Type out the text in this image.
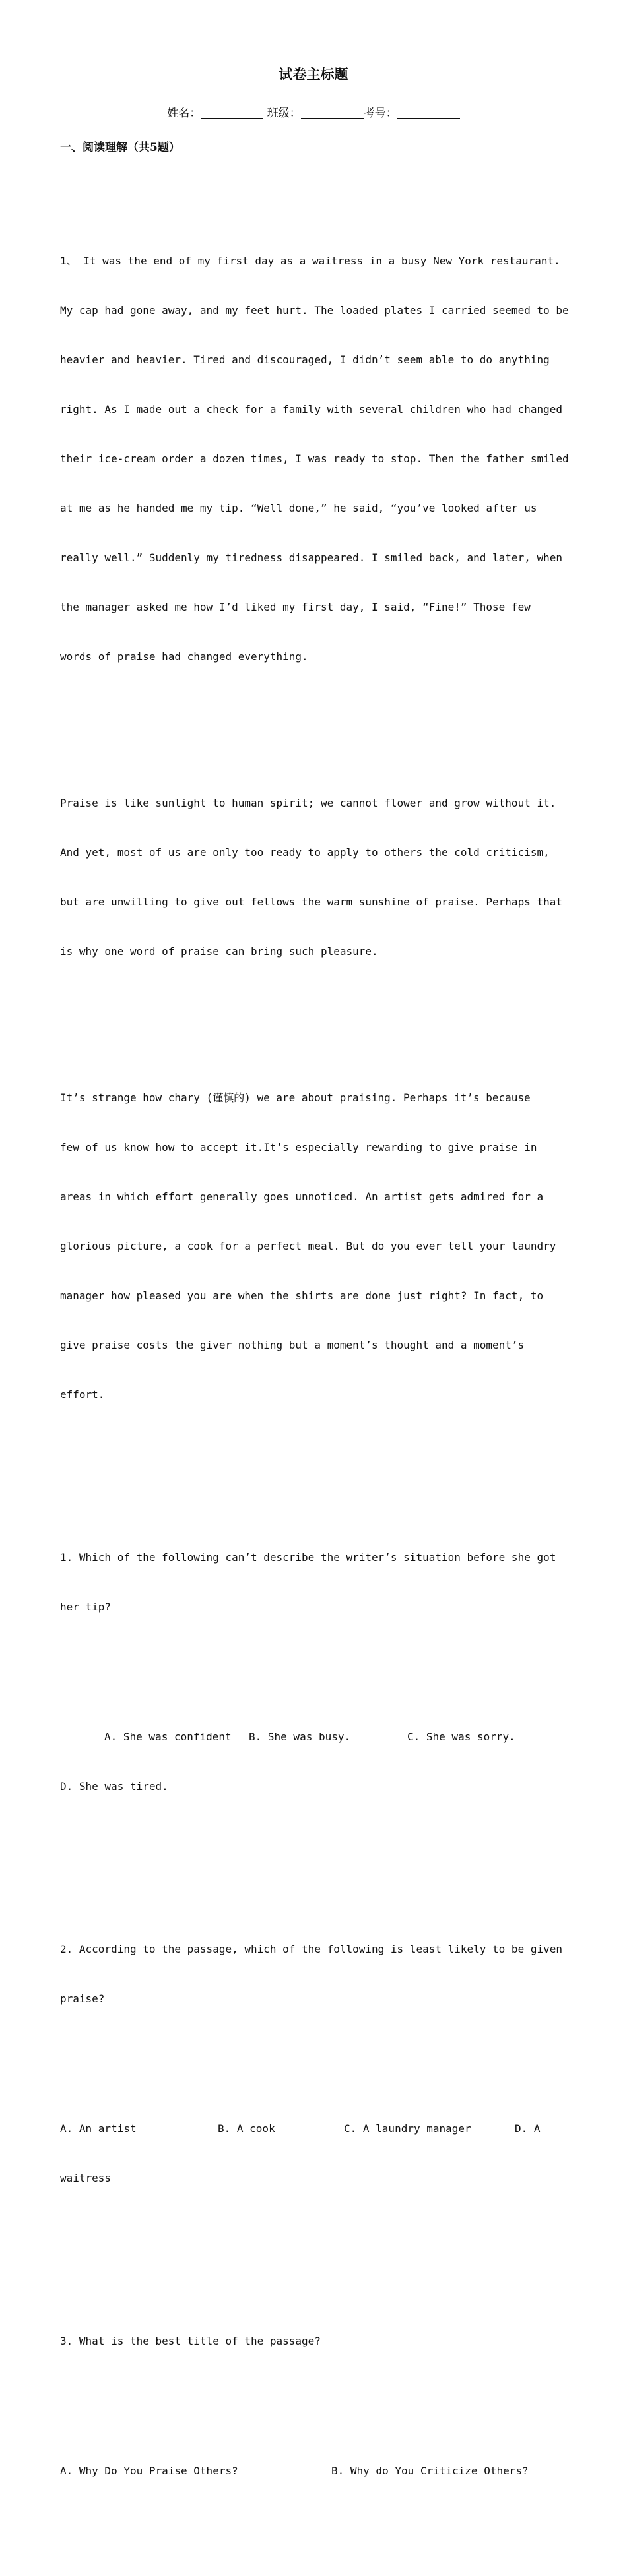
试卷主标题
姓名：	班级：	考号：
一、阅读理解（共5题）

1、 It was the end of my first day as a waitress in a busy New York restaurant.

My cap had gone away, and my feet hurt. The loaded plates I carried seemed to be

heavier and heavier. Tired and discouraged, I didn’t seem able to do anything

right. As I made out a check for a family with several children who had changed

their ice-cream order a dozen times, I was ready to stop. Then the father smiled

at me as he handed me my tip. “Well done,” he said, “you’ve looked after us

really well.” Suddenly my tiredness disappeared. I smiled back, and later, when

the manager asked me how I’d liked my first day, I said, “Fine!” Those few

words of praise had changed everything.

Praise is like sunlight to human spirit; we cannot flower and grow without it.

And yet, most of us are only too ready to apply to others the cold criticism,

but are unwilling to give out fellows the warm sunshine of praise. Perhaps that

is why one word of praise can bring such pleasure.

It’s strange how chary (谨慎的) we are about praising. Perhaps it’s because

few of us know how to accept it.It’s especially rewarding to give praise in

areas in which effort generally goes unnoticed. An artist gets admired for a

glorious picture, a cook for a perfect meal. But do you ever tell your laundry

manager how pleased you are when the shirts are done just right? In fact, to

give praise costs the giver nothing but a moment’s thought and a moment’s

effort.

1. Which of the following can’t describe the writer’s situation before she got

her tip?

A. She was confident

B. She was busy.

	C. She was sorry.

D. She was tired.

2. According to the passage, which of the following is least likely to be given

praise?

A. An artist

	B. A cook

	C. A laundry manager

	D. A

waitress

3. What is the best title of the passage?

A. Why Do You Praise Others?

	B. Why do You Criticize Others?
